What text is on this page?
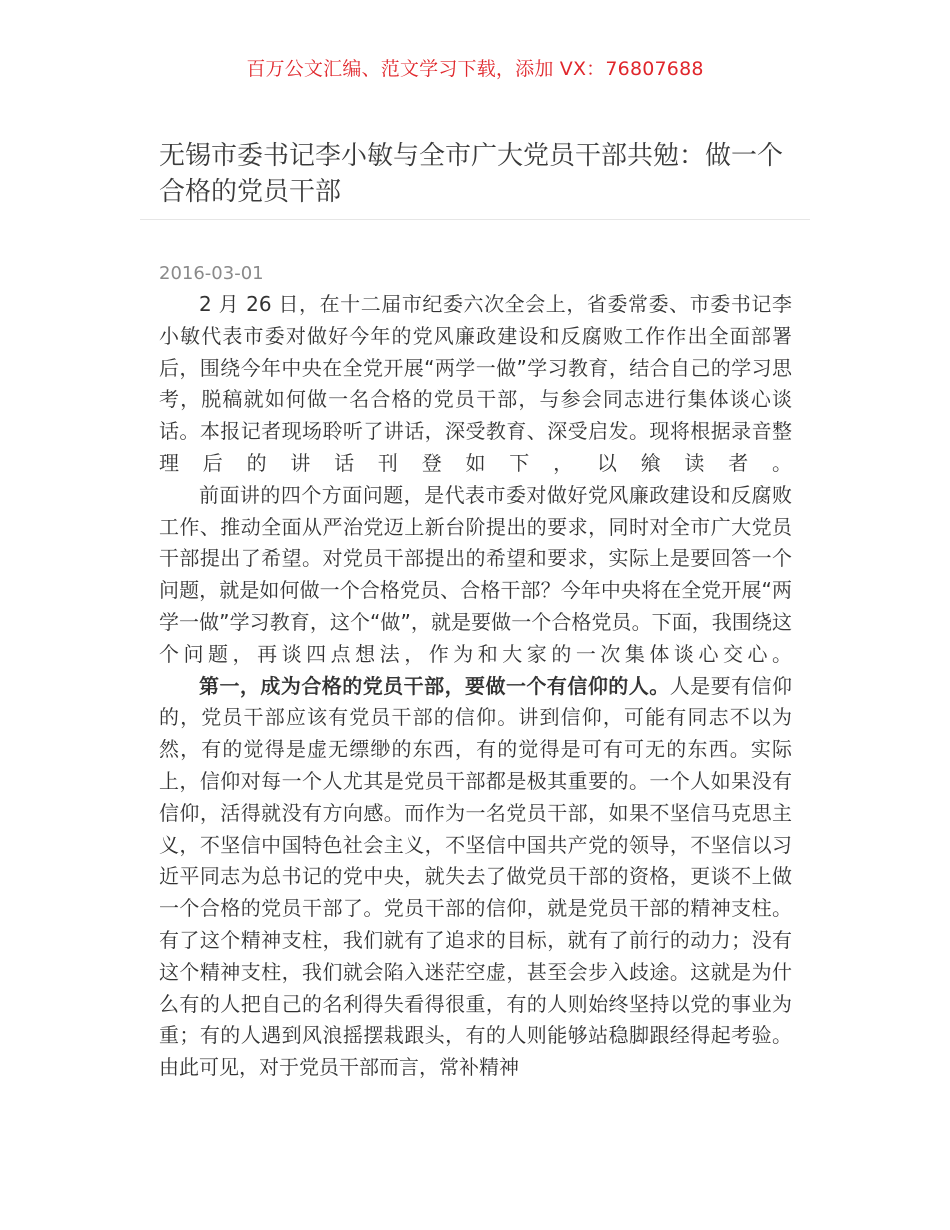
百万公文汇编、范文学习下载，添加 VX：76807688
无锡市委书记李小敏与全市广大党员干部共勉：做一个合格的党员干部
2016-03-01

2 月 26 日，在十二届市纪委六次全会上，省委常委、市委书记李小敏代表市委对做好今年的党风廉政建设和反腐败工作作出全面部署后，围绕今年中央在全党开展“两学一做”学习教育，结合自己的学习思考，脱稿就如何做一名合格的党员干部，与参会同志进行集体谈心谈话。本报记者现场聆听了讲话，深受教育、深受启发。现将根据录音整理后的讲话刊登如下，以飨读者。

前面讲的四个方面问题，是代表市委对做好党风廉政建设和反腐败工作、推动全面从严治党迈上新台阶提出的要求，同时对全市广大党员干部提出了希望。对党员干部提出的希望和要求，实际上是要回答一个问题，就是如何做一个合格党员、合格干部？今年中央将在全党开展“两学一做”学习教育，这个“做”，就是要做一个合格党员。下面，我围绕这个问题，再谈四点想法，作为和大家的一次集体谈心交心。

第一，成为合格的党员干部，要做一个有信仰的人。人是要有信仰的，党员干部应该有党员干部的信仰。讲到信仰，可能有同志不以为然，有的觉得是虚无缥缈的东西，有的觉得是可有可无的东西。实际上，信仰对每一个人尤其是党员干部都是极其重要的。一个人如果没有信仰，活得就没有方向感。而作为一名党员干部，如果不坚信马克思主义，不坚信中国特色社会主义，不坚信中国共产党的领导，不坚信以习近平同志为总书记的党中央，就失去了做党员干部的资格，更谈不上做一个合格的党员干部了。党员干部的信仰，就是党员干部的精神支柱。有了这个精神支柱，我们就有了追求的目标，就有了前行的动力；没有这个精神支柱，我们就会陷入迷茫空虚，甚至会步入歧途。这就是为什么有的人把自己的名利得失看得很重，有的人则始终坚持以党的事业为重；有的人遇到风浪摇摆栽跟头，有的人则能够站稳脚跟经得起考验。由此可见，对于党员干部而言，常补精神
